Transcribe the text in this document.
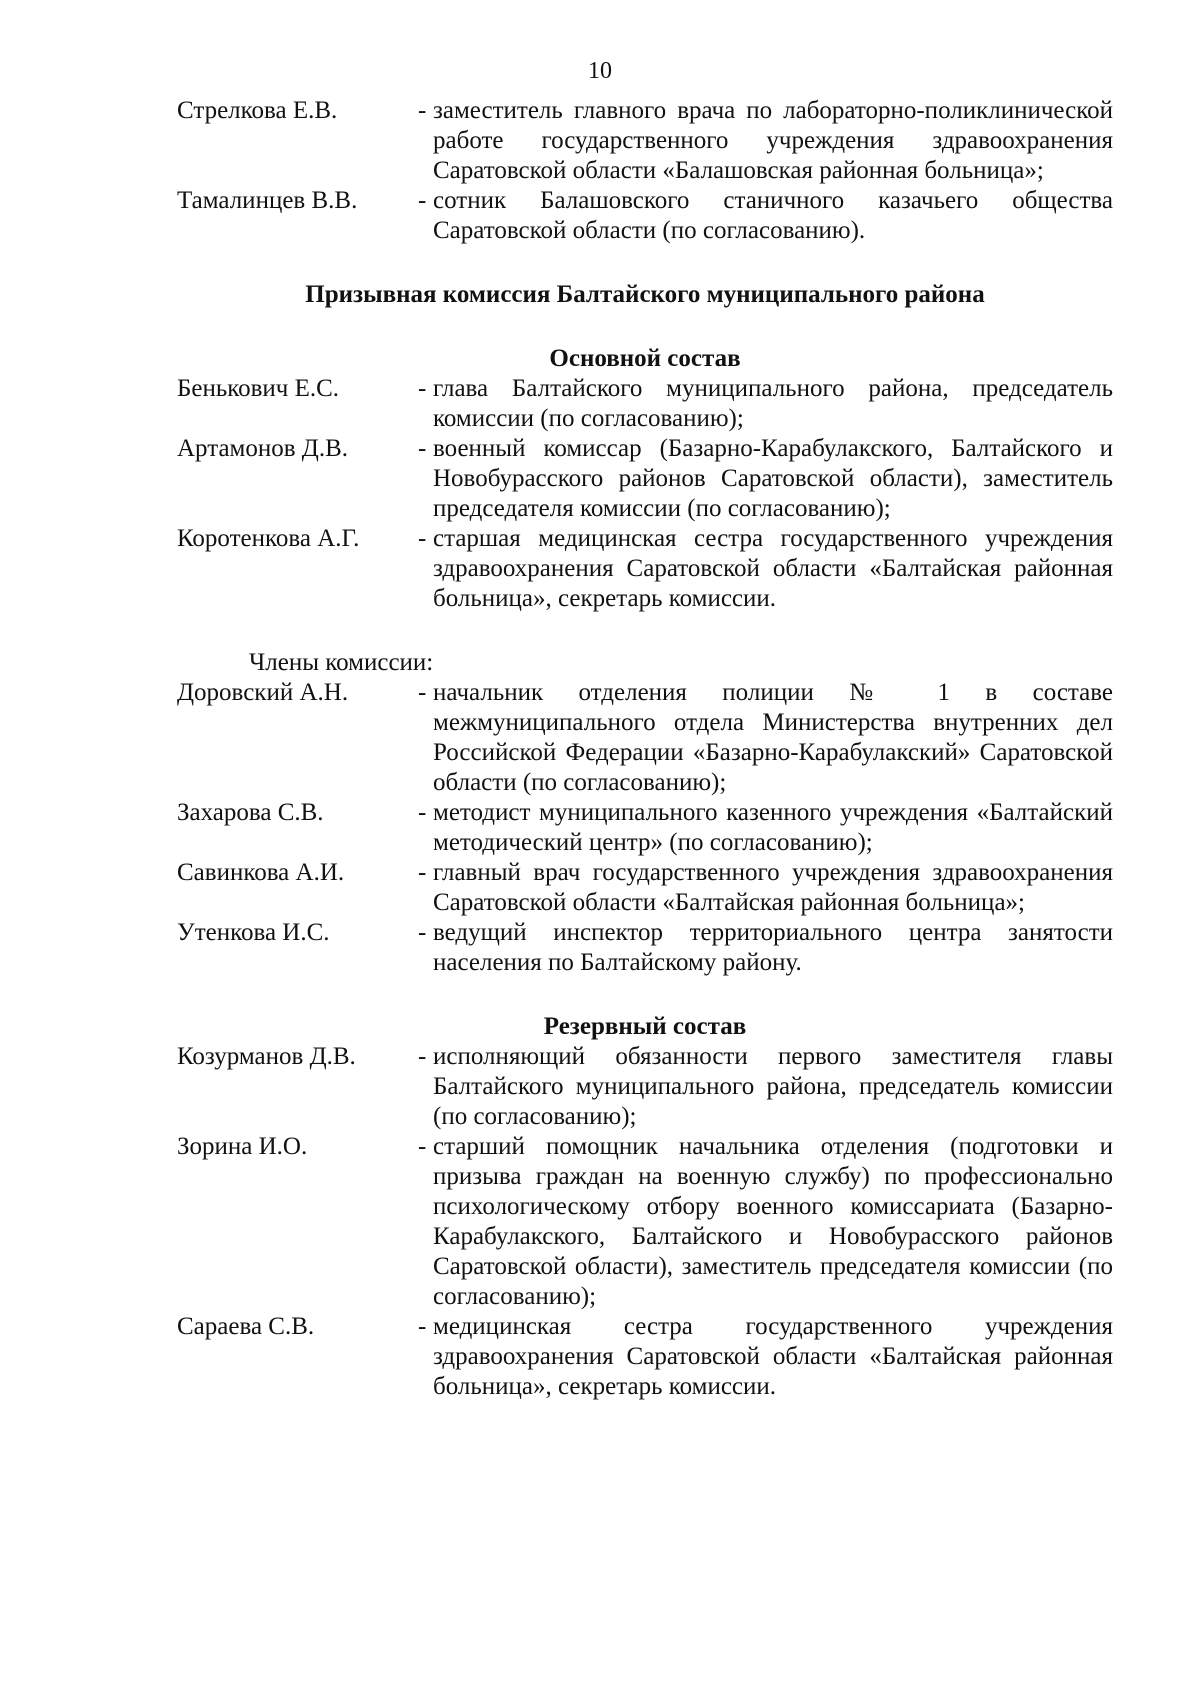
10
Стрелкова Е.В.	- заместитель главного врача по лабораторно-поликлинической работе государственного учреждения здравоохранения Саратовской области «Балашовская районная больница»;
Тамалинцев В.В.	- сотник Балашовского станичного казачьего общества Саратовской области (по согласованию).
Призывная комиссия Балтайского муниципального района
Основной состав
Бенькович Е.С.	- глава Балтайского муниципального района, председатель комиссии (по согласованию);
Артамонов Д.В.	- военный комиссар (Базарно-Карабулакского, Балтайского и Новобурасского районов Саратовской области), заместитель председателя комиссии (по согласованию);
Коротенкова А.Г.	- старшая медицинская сестра государственного учреждения здравоохранения Саратовской области «Балтайская районная больница», секретарь комиссии.
Члены комиссии:
Доровский А.Н.	- начальник отделения полиции № 1 в составе межмуниципального отдела Министерства внутренних дел Российской Федерации «Базарно-Карабулакский» Саратовской области (по согласованию);
Захарова С.В.	- методист муниципального казенного учреждения «Балтайский методический центр» (по согласованию);
Савинкова А.И.	- главный врач государственного учреждения здравоохранения Саратовской области «Балтайская районная больница»;
Утенкова И.С.	- ведущий инспектор территориального центра занятости населения по Балтайскому району.
Резервный состав
Козурманов Д.В.	- исполняющий обязанности первого заместителя главы Балтайского муниципального района, председатель комиссии (по согласованию);
Зорина И.О.	- старший помощник начальника отделения (подготовки и призыва граждан на военную службу) по профессионально психологическому отбору военного комиссариата (Базарно-Карабулакского, Балтайского и Новобурасского районов Саратовской области), заместитель председателя комиссии (по согласованию);
Сараева С.В.	- медицинская сестра государственного учреждения здравоохранения Саратовской области «Балтайская районная больница», секретарь комиссии.
